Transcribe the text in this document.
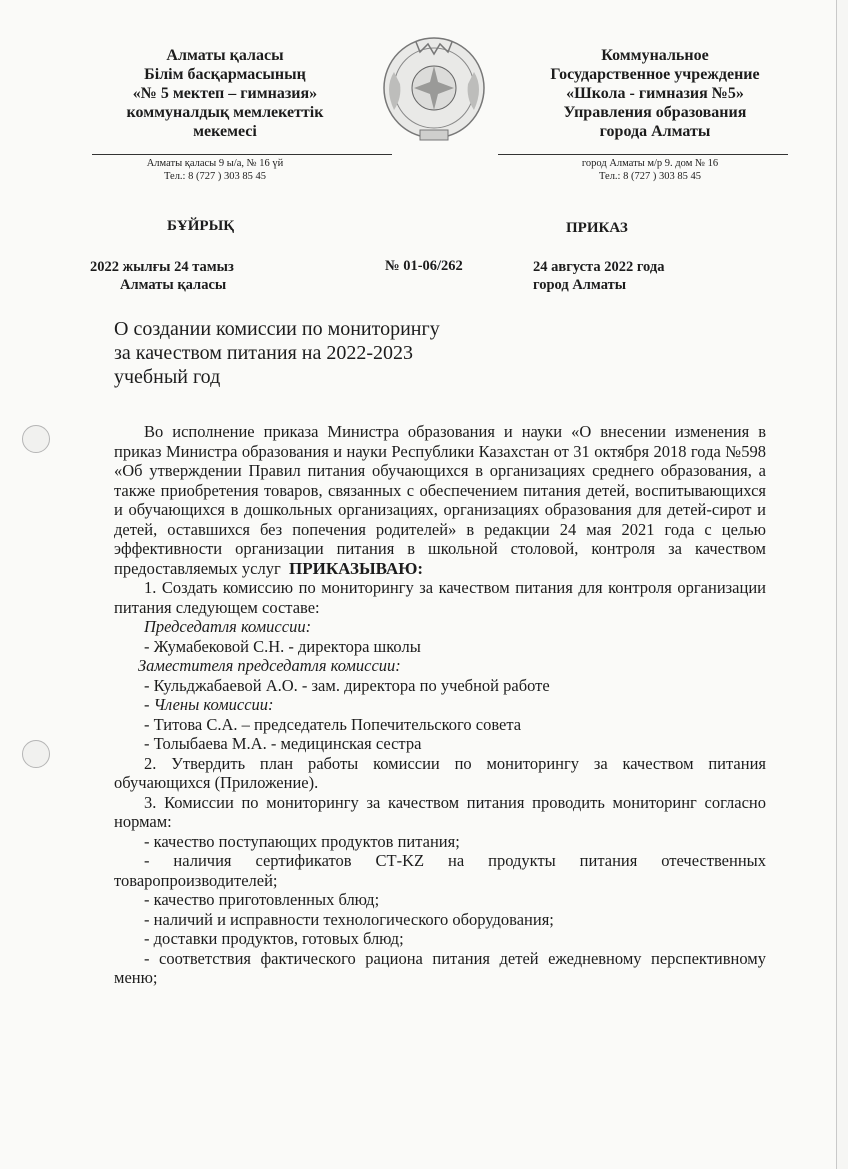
Алматы қаласы
Білім басқармасының
«№ 5 мектеп – гимназия»
коммуналдық мемлекеттік
мекемесі
Алматы қаласы 9 ы/а, № 16 үй
Тел.: 8 (727 ) 303 85 45
Коммунальное
Государственное учреждение
«Школа - гимназия №5»
Управления образования
города Алматы
город Алматы м/р 9. дом № 16
Тел.: 8 (727 ) 303 85 45
БҰЙРЫҚ	ПРИКАЗ
2022 жылғы 24 тамыз
Алматы қаласы
№ 01-06/262	24 августа 2022 года
город Алматы
О создании комиссии по мониторингу
за качеством питания на 2022-2023
учебный год

Во исполнение приказа Министра образования и науки «О внесении изменения в приказ Министра образования и науки Республики Казахстан от 31 октября 2018 года №598 «Об утверждении Правил питания обучающихся в организациях среднего образования, а также приобретения товаров, связанных с обеспечением питания детей, воспитывающихся и обучающихся в дошкольных организациях, организациях образования для детей-сирот и детей, оставшихся без попечения родителей» в редакции 24 мая 2021 года с целью эффективности организации питания в школьной столовой, контроля за качеством предоставляемых услуг ПРИКАЗЫВАЮ:

1. Создать комиссию по мониторингу за качеством питания для контроля организации питания следующем составе:

Председатля комиссии:

- Жумабековой С.Н. - директора школы

Заместителя председатля комиссии:

- Кульджабаевой А.О. - зам. директора по учебной работе

- Члены комиссии:

- Титова С.А. – председатель Попечительского совета

- Толыбаева М.А. - медицинская сестра

2. Утвердить план работы комиссии по мониторингу за качеством питания обучающихся (Приложение).

3. Комиссии по мониторингу за качеством питания проводить мониторинг согласно нормам:

- качество поступающих продуктов питания;

- наличия сертификатов СТ-KZ на продукты питания отечественных товаропроизводителей;

- качество приготовленных блюд;

- наличий и исправности технологического оборудования;

- доставки продуктов, готовых блюд;

- соответствия фактического рациона питания детей ежедневному перспективному меню;
